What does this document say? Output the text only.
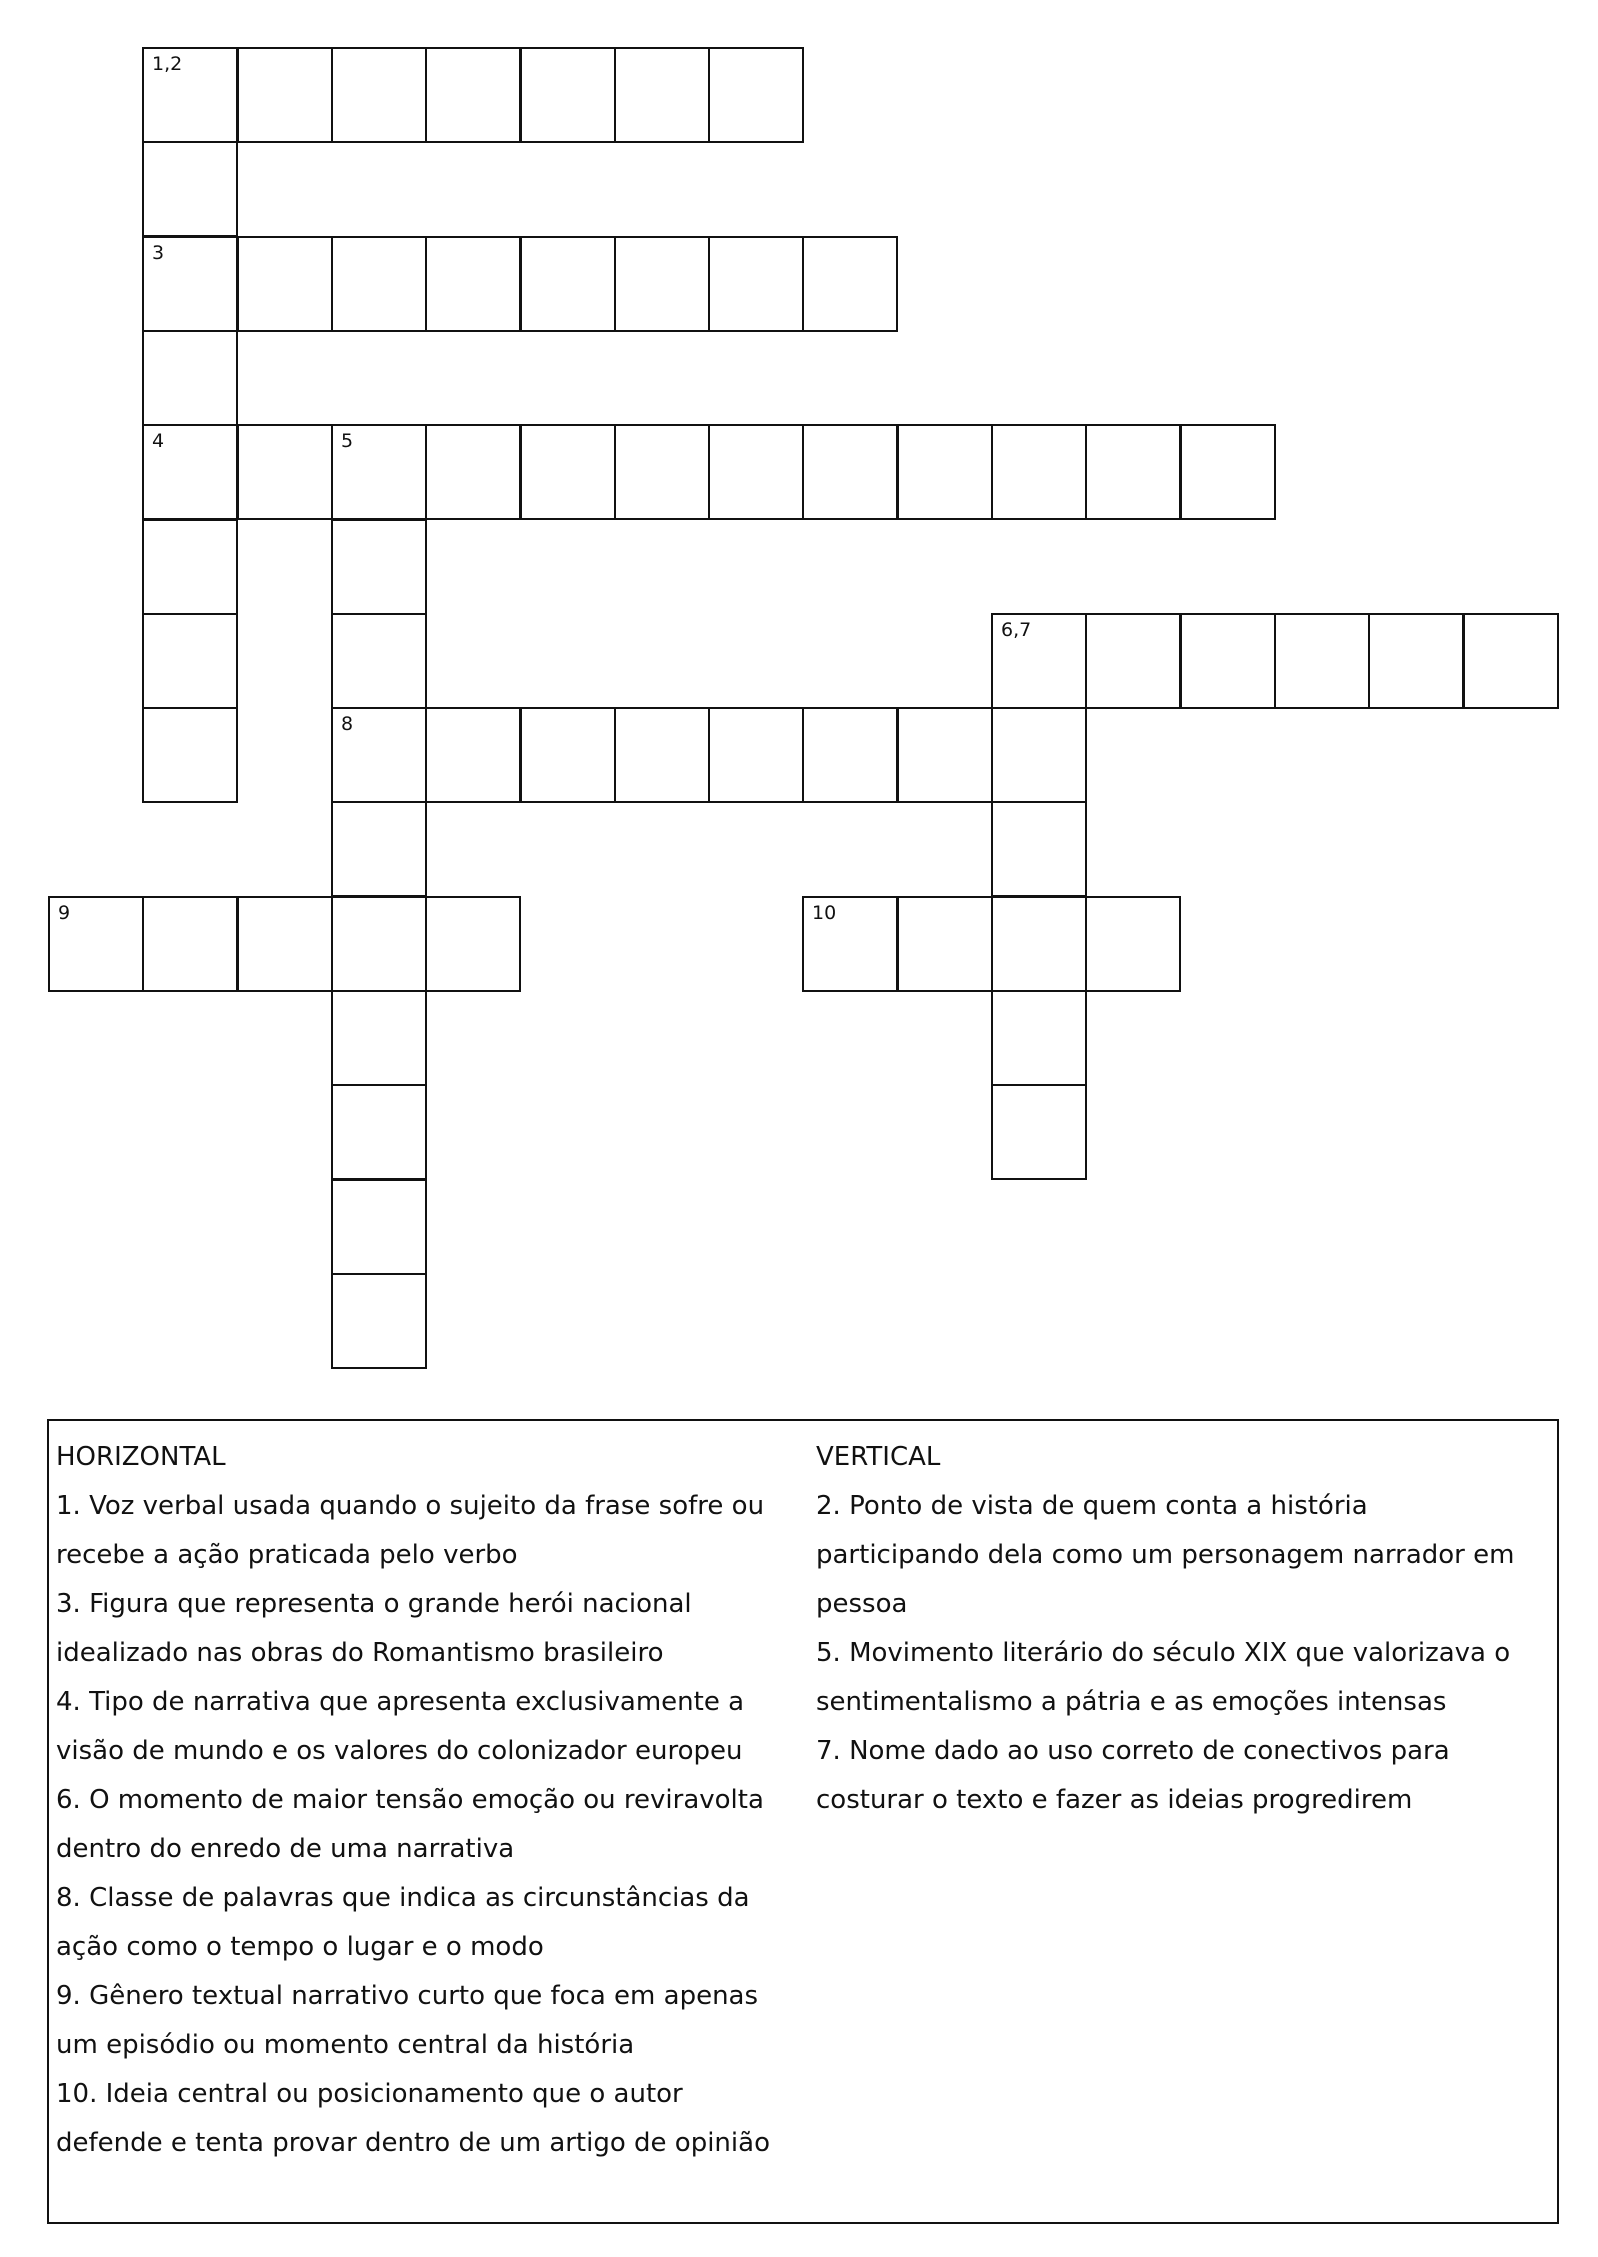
1,2
3
4	5
6,7
8
9	10

HORIZONTAL

1. Voz verbal usada quando o sujeito da frase sofre ou

recebe a ação praticada pelo verbo

3. Figura que representa o grande herói nacional

idealizado nas obras do Romantismo brasileiro

4. Tipo de narrativa que apresenta exclusivamente a

visão de mundo e os valores do colonizador europeu

6. O momento de maior tensão emoção ou reviravolta

dentro do enredo de uma narrativa

8. Classe de palavras que indica as circunstâncias da

ação como o tempo o lugar e o modo

9. Gênero textual narrativo curto que foca em apenas

um episódio ou momento central da história

10. Ideia central ou posicionamento que o autor

defende e tenta provar dentro de um artigo de opinião

VERTICAL

2. Ponto de vista de quem conta a história

participando dela como um personagem narrador em

pessoa

5. Movimento literário do século XIX que valorizava o

sentimentalismo a pátria e as emoções intensas

7. Nome dado ao uso correto de conectivos para

costurar o texto e fazer as ideias progredirem
